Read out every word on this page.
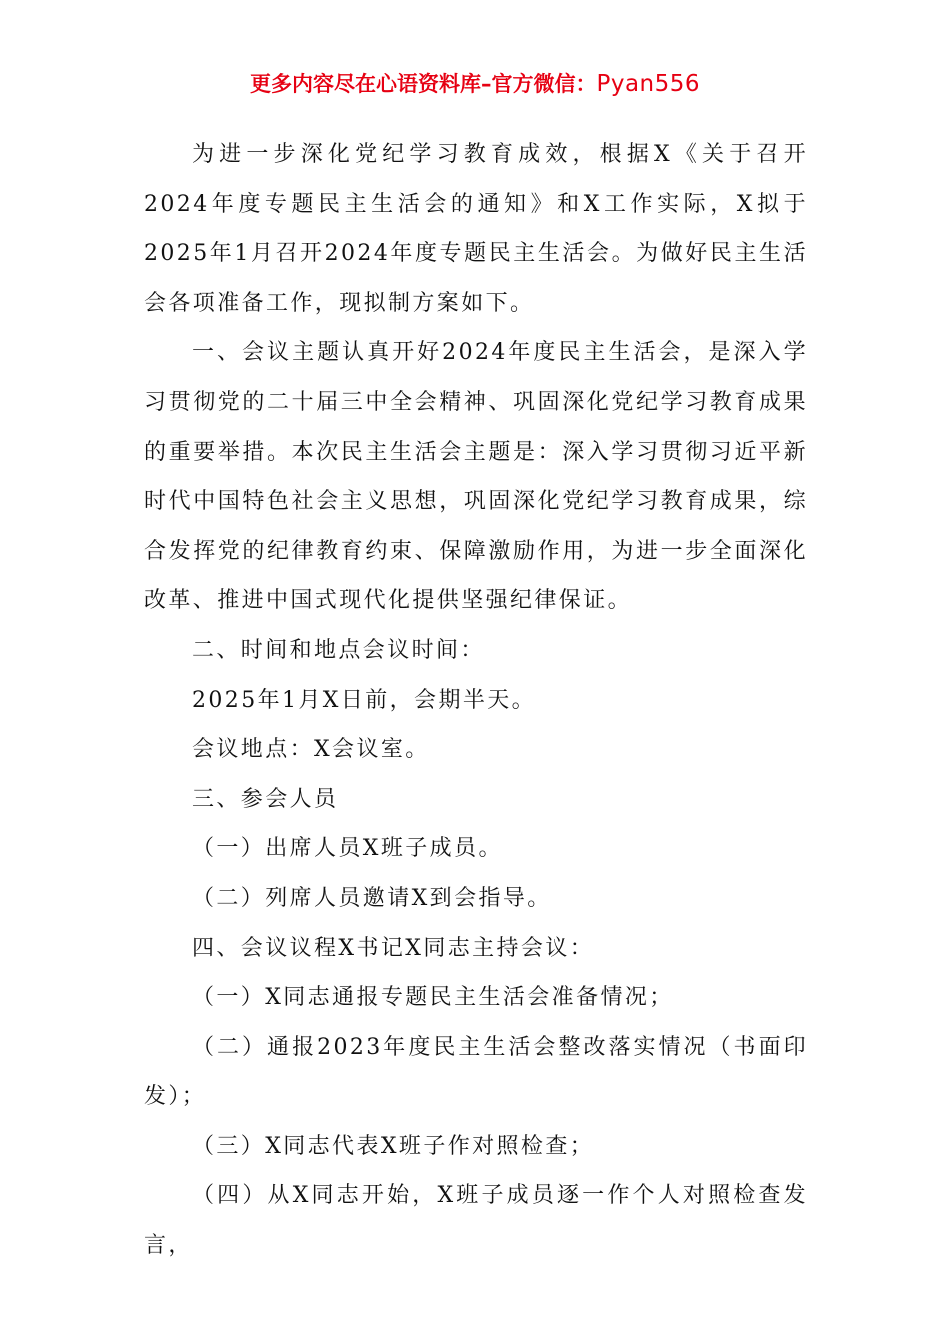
更多内容尽在心语资料库–官方微信：Pyan556

为进一步深化党纪学习教育成效，根据X《关于召开2024年度专题民主生活会的通知》和X工作实际，X拟于2025年1月召开2024年度专题民主生活会。为做好民主生活会各项准备工作，现拟制方案如下。

一、会议主题认真开好2024年度民主生活会，是深入学习贯彻党的二十届三中全会精神、巩固深化党纪学习教育成果的重要举措。本次民主生活会主题是：深入学习贯彻习近平新时代中国特色社会主义思想，巩固深化党纪学习教育成果，综合发挥党的纪律教育约束、保障激励作用，为进一步全面深化改革、推进中国式现代化提供坚强纪律保证。

二、时间和地点会议时间：

2025年1月X日前，会期半天。

会议地点：X会议室。

三、参会人员

（一）出席人员X班子成员。

（二）列席人员邀请X到会指导。

四、会议议程X书记X同志主持会议：

（一）X同志通报专题民主生活会准备情况；

（二）通报2023年度民主生活会整改落实情况（书面印发）；

（三）X同志代表X班子作对照检查；

（四）从X同志开始，X班子成员逐一作个人对照检查发言，
